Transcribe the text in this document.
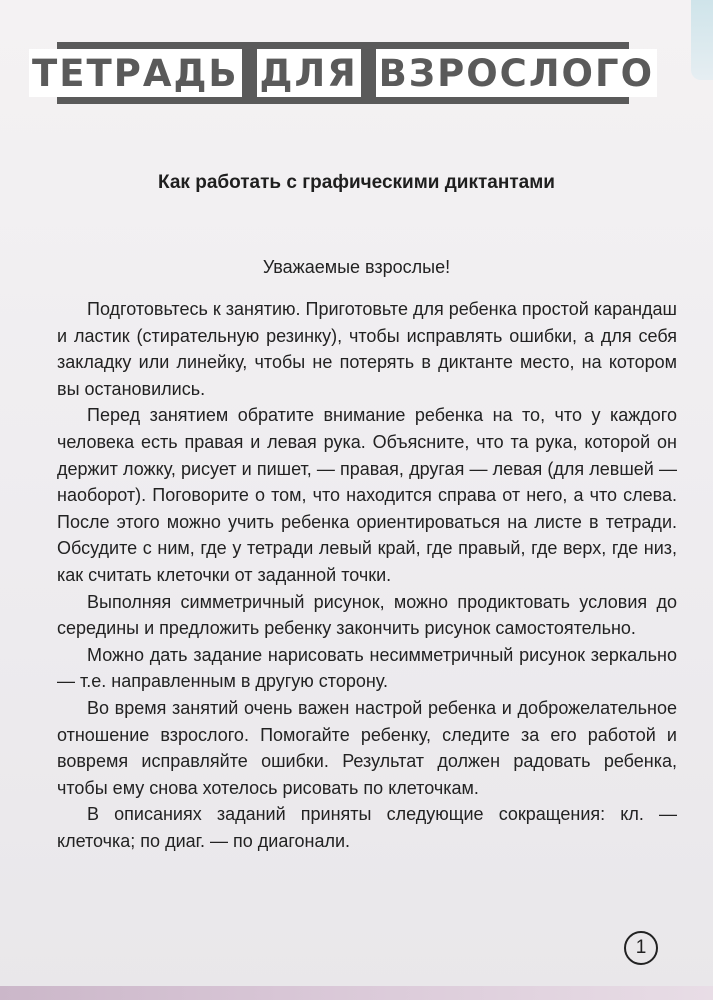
ТЕТРАДЬ
ДЛЯ
ВЗРОСЛОГО
Как работать с графическими диктантами
Уважаемые взрослые!

Подготовьтесь к занятию. Приготовьте для ребенка простой карандаш и ластик (стирательную резинку), чтобы исправлять ошибки, а для себя закладку или линейку, чтобы не потерять в диктанте место, на котором вы остановились.

Перед занятием обратите внимание ребенка на то, что у каждого человека есть правая и левая рука. Объясните, что та рука, которой он держит ложку, рисует и пишет, — правая, другая — левая (для левшей — наоборот). Поговорите о том, что находится справа от него, а что слева. После этого можно учить ребенка ориентироваться на листе в тетради. Обсудите с ним, где у тетради левый край, где правый, где верх, где низ, как считать клеточки от заданной точки.

Выполняя симметричный рисунок, можно продиктовать условия до середины и предложить ребенку закончить рисунок самостоятельно.

Можно дать задание нарисовать несимметричный рисунок зеркально — т.е. направленным в другую сторону.

Во время занятий очень важен настрой ребенка и доброжелательное отношение взрослого. Помогайте ребенку, следите за его работой и вовремя исправляйте ошибки. Результат должен радовать ребенка, чтобы ему снова хотелось рисовать по клеточкам.

В описаниях заданий приняты следующие сокращения: кл. — клеточка; по диаг. — по диагонали.

1
